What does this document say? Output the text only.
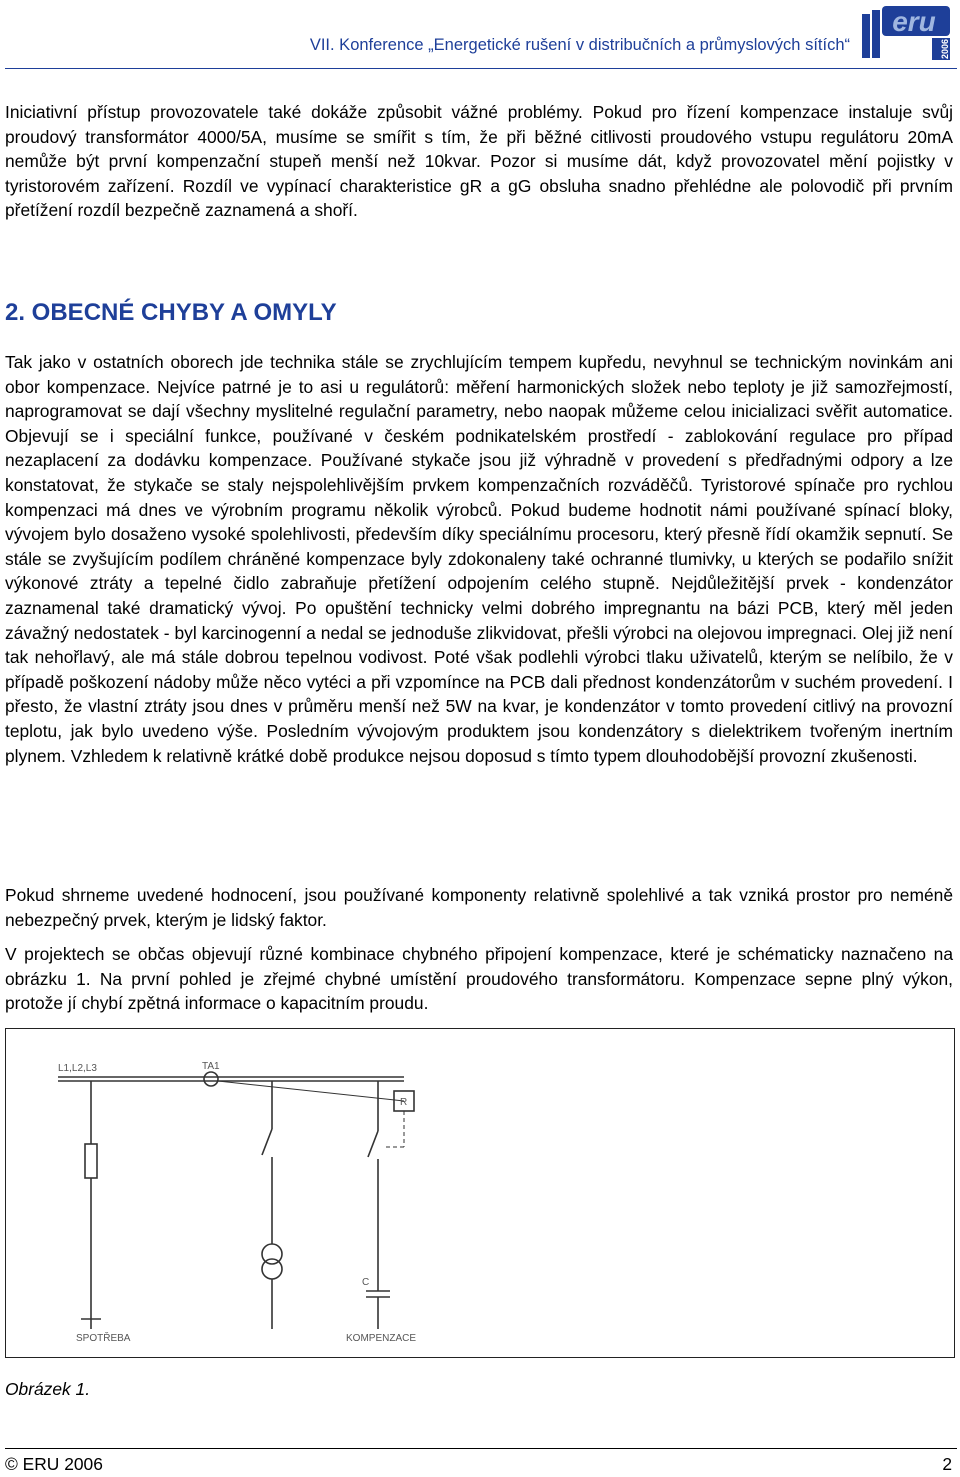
VII. Konference „Energetické rušení v distribučních a průmyslových sítích“
eru
2006

Iniciativní přístup provozovatele také dokáže způsobit vážné problémy. Pokud pro řízení kompenzace instaluje svůj proudový transformátor 4000/5A, musíme se smířit s tím, že při běžné citlivosti proudového vstupu regulátoru 20mA nemůže být první kompenzační stupeň menší než 10kvar. Pozor si musíme dát, když provozovatel mění pojistky v tyristorovém zařízení. Rozdíl ve vypínací charakteristice gR a gG obsluha snadno přehlédne ale polovodič při prvním přetížení rozdíl bezpečně zaznamená a shoří.

2. OBECNÉ CHYBY A OMYLY

Tak jako v ostatních oborech jde technika stále se zrychlujícím tempem kupředu, nevyhnul se technickým novinkám ani obor kompenzace. Nejvíce patrné je to asi u regulátorů: měření harmonických složek nebo teploty je již samozřejmostí, naprogramovat se dají všechny myslitelné regulační parametry, nebo naopak můžeme celou inicializaci svěřit automatice. Objevují se i speciální funkce, používané v českém podnikatelském prostředí - zablokování regulace pro případ nezaplacení za dodávku kompenzace. Používané stykače jsou již výhradně v provedení s předřadnými odpory a lze konstatovat, že stykače se staly nejspolehlivějším prvkem kompenzačních rozváděčů. Tyristorové spínače pro rychlou kompenzaci má dnes ve výrobním programu několik výrobců. Pokud budeme hodnotit námi používané spínací bloky, vývojem bylo dosaženo vysoké spolehlivosti, především díky speciálnímu procesoru, který přesně řídí okamžik sepnutí. Se stále se zvyšujícím podílem chráněné kompenzace byly zdokonaleny také ochranné tlumivky, u kterých se podařilo snížit výkonové ztráty a tepelné čidlo zabraňuje přetížení odpojením celého stupně. Nejdůležitější prvek - kondenzátor zaznamenal také dramatický vývoj. Po opuštění technicky velmi dobrého impregnantu na bázi PCB, který měl jeden závažný nedostatek - byl karcinogenní a nedal se jednoduše zlikvidovat, přešli výrobci na olejovou impregnaci. Olej již není tak nehořlavý, ale má stále dobrou tepelnou vodivost. Poté však podlehli výrobci tlaku uživatelů, kterým se nelíbilo, že v případě poškození nádoby může něco vytéci a při vzpomínce na PCB dali přednost kondenzátorům v suchém provedení. I přesto, že vlastní ztráty jsou dnes v průměru menší než 5W na kvar, je kondenzátor v tomto provedení citlivý na provozní teplotu, jak bylo uvedeno výše. Posledním vývojovým produktem jsou kondenzátory s dielektrikem tvořeným inertním plynem. Vzhledem k relativně krátké době produkce nejsou doposud s tímto typem dlouhodobější provozní zkušenosti.

Pokud shrneme uvedené hodnocení, jsou používané komponenty relativně spolehlivé a tak vzniká prostor pro neméně nebezpečný prvek, kterým je lidský faktor.

V projektech se občas objevují různé kombinace chybného připojení kompenzace, které je schématicky naznačeno na obrázku 1. Na první pohled je zřejmé chybné umístění proudového transformátoru. Kompenzace sepne plný výkon, protože jí chybí zpětná informace o kapacitním proudu.

L1,L2,L3	TA1
SPOTŘEBA
C
KOMPENZACE
R

Obrázek 1.

© ERU 2006	2
